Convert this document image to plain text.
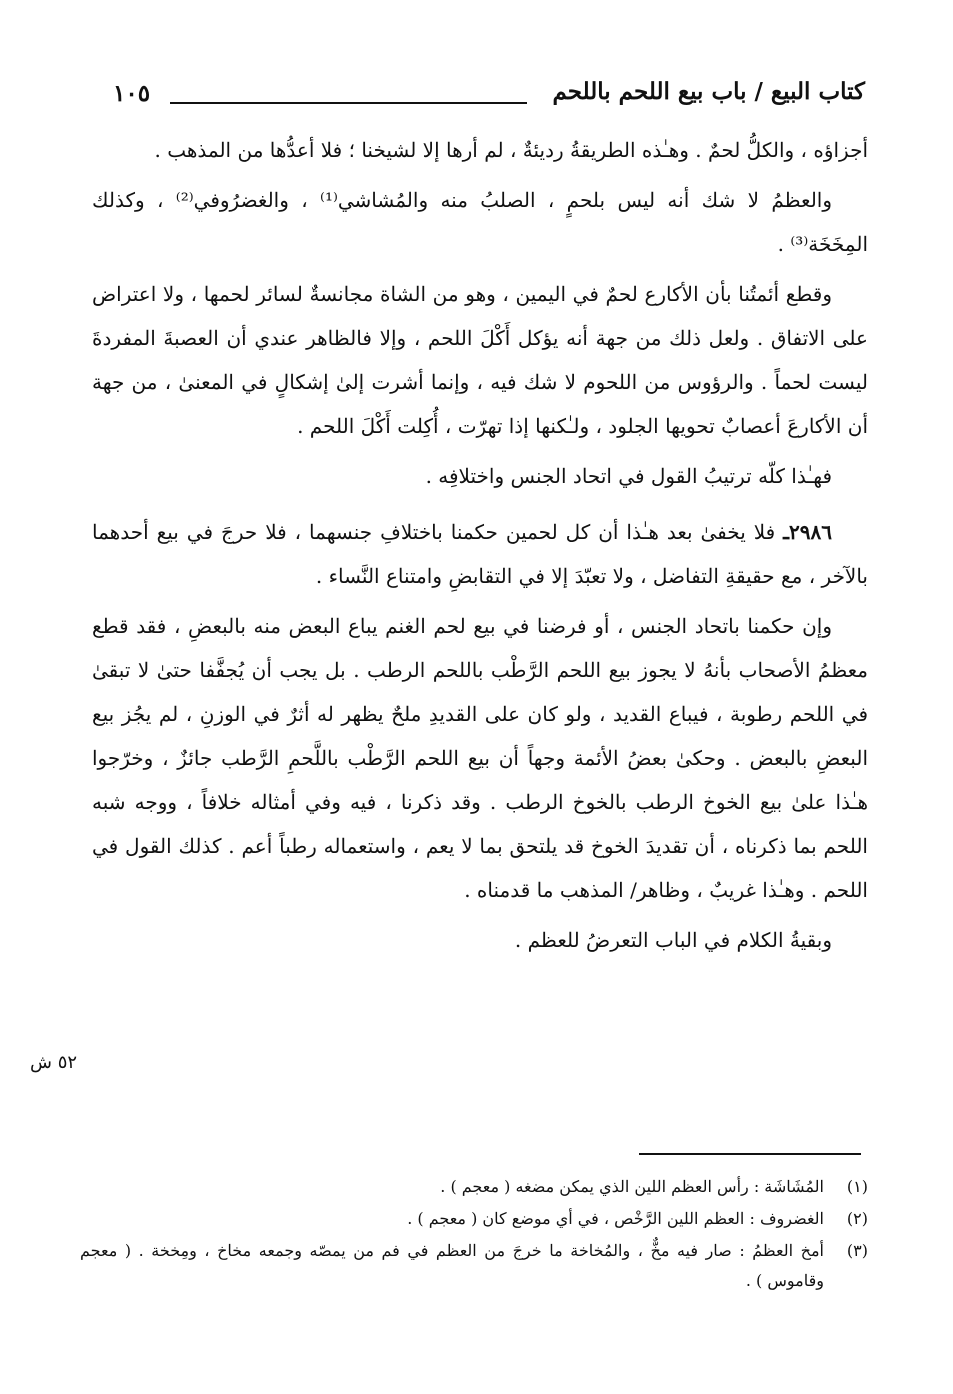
كتاب البيع / باب بيع اللحم باللحم
١٠٥

أجزاؤه ، والكلُّ لحمٌ . وهـٰذه الطريقةُ رديئةٌ ، لم أرها إلا لشيخنا ؛ فلا أعدُّها من المذهب .

والعظمُ لا شك أنه ليس بلحمٍ ، الصلبُ منه والمُشاشي⁽¹⁾ ، والغضرُوفي⁽²⁾ ، وكذلك المِخَخَة⁽³⁾ .

وقطع أئمتُنا بأن الأكارع لحمٌ في اليمين ، وهو من الشاة مجانسةٌ لسائر لحمها ، ولا اعتراض على الاتفاق . ولعل ذلك من جهة أنه يؤكل أَكْلَ اللحم ، وإلا فالظاهر عندي أن العصبةَ المفردةَ ليست لحماً . والرؤوس من اللحوم لا شك فيه ، وإنما أشرت إلىٰ إشكالٍ في المعنىٰ ، من جهة أن الأكارعَ أعصابٌ تحويها الجلود ، ولـٰكنها إذا تهرّت ، أُكِلت أَكْلَ اللحم .

فهـٰذا كلّه ترتيبُ القول في اتحاد الجنس واختلافِه .

٢٩٨٦ـ فلا يخفىٰ بعد هـٰذا أن كل لحمين حكمنا باختلافِ جنسهما ، فلا حرجَ في بيع أحدهما بالآخر ، مع حقيقةِ التفاضل ، ولا تعبّدَ إلا في التقابضِ وامتناع النَّساء .

وإن حكمنا باتحاد الجنس ، أو فرضنا في بيع لحم الغنم يباع البعض منه بالبعضِ ، فقد قطع معظمُ الأصحاب بأنهُ لا يجوز بيع اللحم الرَّطْب باللحم الرطب . بل يجب أن يُجفَّفا حتىٰ لا تبقىٰ في اللحم رطوبة ، فيباع القديد ، ولو كان على القديدِ ملحٌ يظهر له أثرٌ في الوزنِ ، لم يجُز بيع البعضِ بالبعض . وحكىٰ بعضُ الأئمة وجهاً أن بيع اللحم الرَّطْب باللَّحمِ الرَّطب جائزٌ ، وخرّجوا هـٰذا علىٰ بيع الخوخ الرطب بالخوخ الرطب . وقد ذكرنا ، فيه وفي أمثاله خلافاً ، ووجه شبه اللحم بما ذكرناه ، أن تقديدَ الخوخ قد يلتحق بما لا يعم ، واستعماله رطباً أعم . كذلك القول في اللحم . وهـٰذا غريبٌ ، وظاهر/ المذهب ما قدمناه .

وبقيةُ الكلام في الباب التعرضُ للعظم .

٥٢ ش
(١)
المُشَاشَة : رأس العظم اللين الذي يمكن مضغه ( معجم ) .
(٢)
الغضروف : العظم اللين الرَّخْص ، في أي موضع كان ( معجم ) .
(٣)
أمخ العظمُ : صار فيه مخٌّ ، والمُخاخة ما خرجَ من العظم في فم من يمصّه وجمعه مخاخ ، ومِخخة . ( معجم وقاموس ) .
